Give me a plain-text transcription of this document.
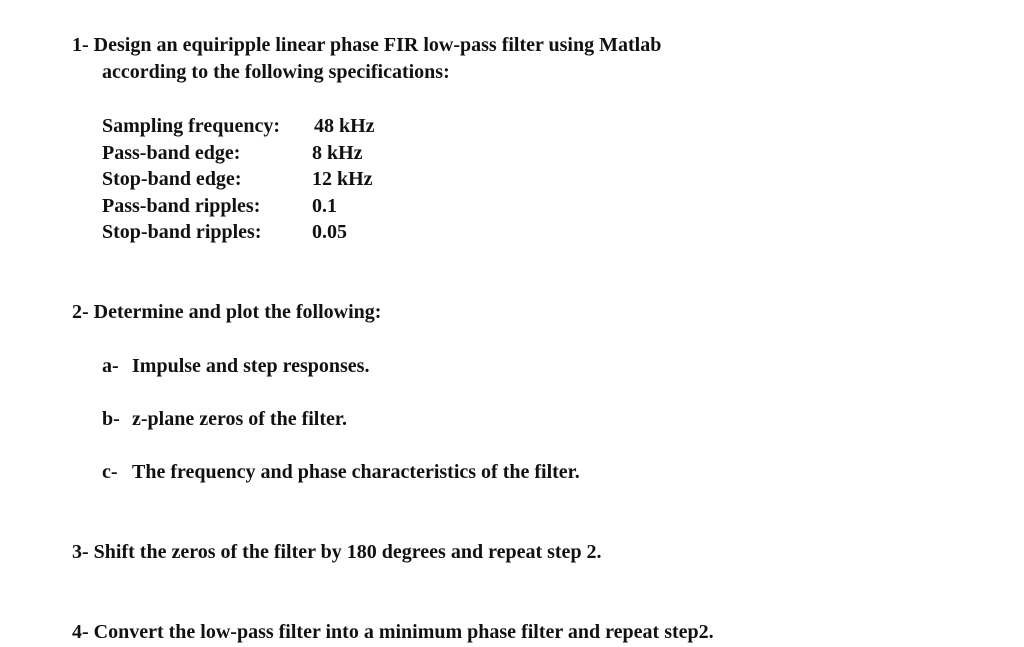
1- Design an equiripple linear phase FIR low-pass filter using Matlab
according to the following specifications:
Sampling frequency: 48 kHz
Pass-band edge:	8 kHz
Stop-band edge:	12 kHz
Pass-band ripples:	0.1
Stop-band ripples:	0.05
2- Determine and plot the following:
a- Impulse and step responses.
b- z-plane zeros of the filter.
c- The frequency and phase characteristics of the filter.
3- Shift the zeros of the filter by 180 degrees and repeat step 2.
4- Convert the low-pass filter into a minimum phase filter and repeat step2.
